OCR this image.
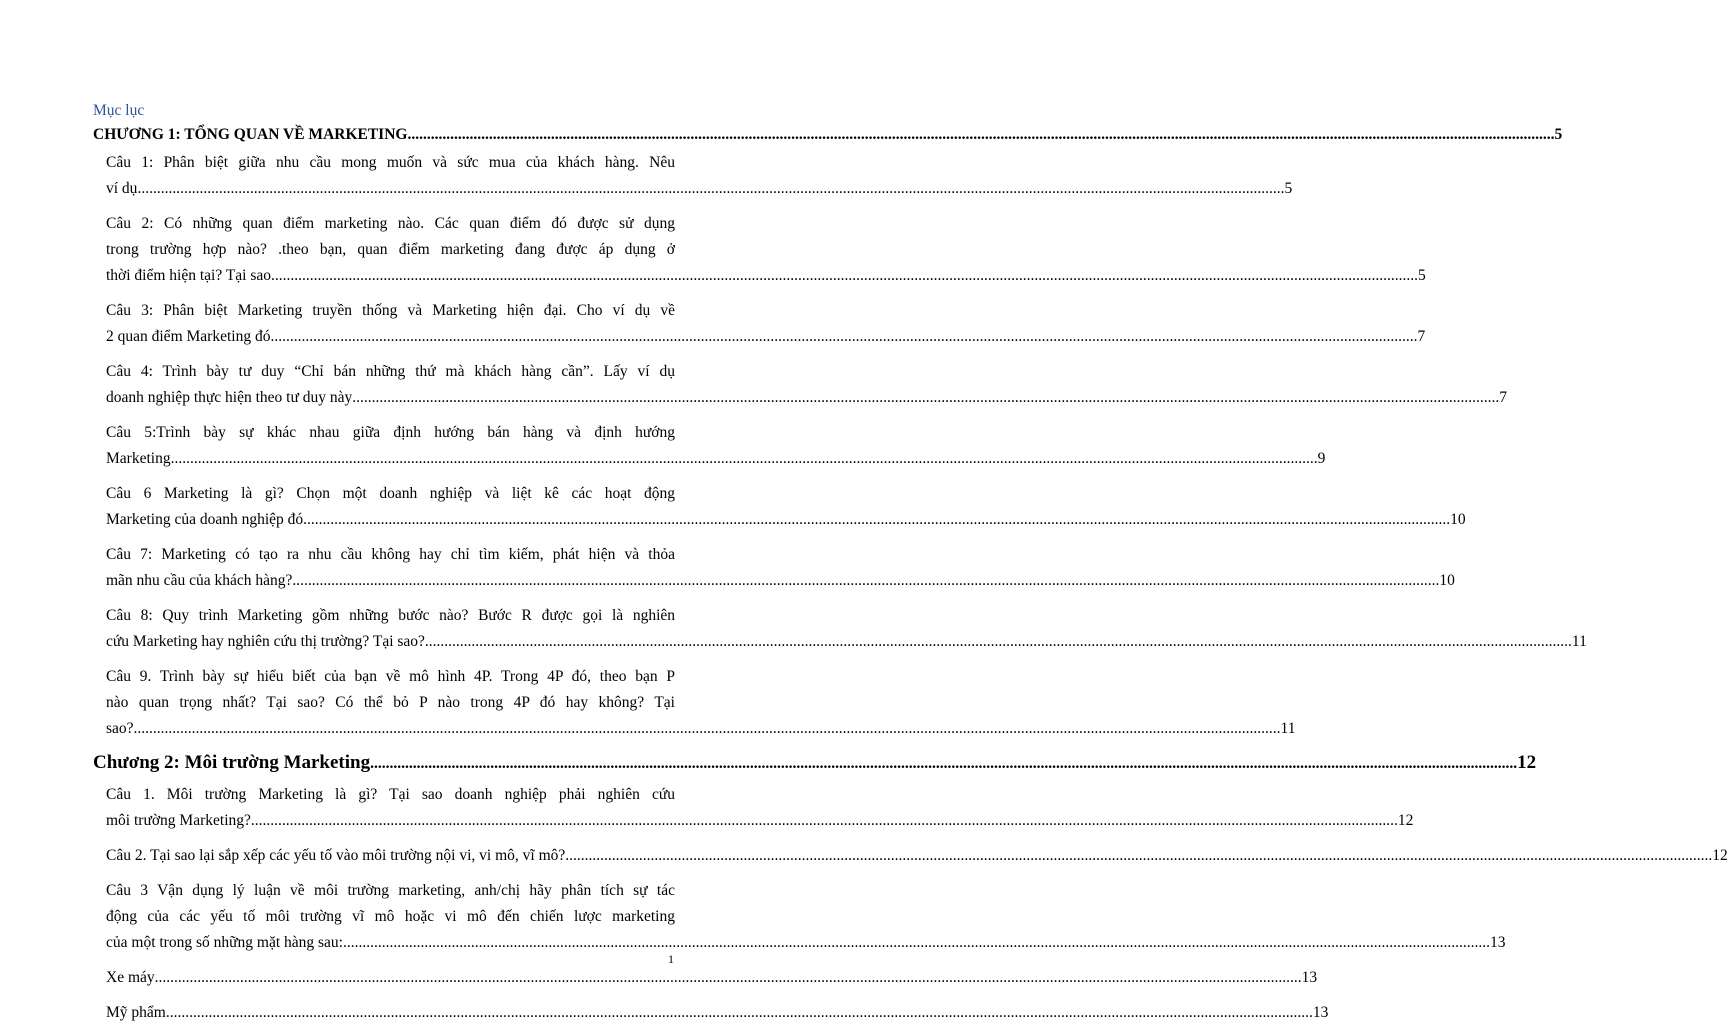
Mục lục
CHƯƠNG 1: TỔNG QUAN VỀ MARKETING .....	5
Câu 1: Phân biệt giữa nhu cầu mong muốn và sức mua của khách hàng. Nêu
ví dụ .....	5
Câu 2: Có những quan điểm marketing nào. Các quan điểm đó được sử dụng
trong trường hợp nào? .theo bạn, quan điểm marketing đang được áp dụng ở
thời điểm hiện tại? Tại sao .....	5
Câu 3: Phân biệt Marketing truyền thống và Marketing hiện đại. Cho ví dụ về
2 quan điểm Marketing đó .....	7
Câu 4: Trình bày tư duy “Chỉ bán những thứ mà khách hàng cần”. Lấy ví dụ
doanh nghiệp thực hiện theo tư duy này .....	7
Câu 5:Trình bày sự khác nhau giữa định hướng bán hàng và định hướng
Marketing .....	9
Câu 6 Marketing là gì? Chọn một doanh nghiệp và liệt kê các hoạt động
Marketing của doanh nghiệp đó .....	10
Câu 7: Marketing có tạo ra nhu cầu không hay chỉ tìm kiếm, phát hiện và thỏa
mãn nhu cầu của khách hàng? .....	10
Câu 8: Quy trình Marketing gồm những bước nào? Bước R được gọi là nghiên
cứu Marketing hay nghiên cứu thị trường? Tại sao? .....	11
Câu 9. Trình bày sự hiểu biết của bạn về mô hình 4P. Trong 4P đó, theo bạn P
nào quan trọng nhất? Tại sao? Có thể bỏ P nào trong 4P đó hay không? Tại
sao? .....	11
Chương 2: Môi trường Marketing .....	12
Câu 1. Môi trường Marketing là gì? Tại sao doanh nghiệp phải nghiên cứu
môi trường Marketing? .....	12
Câu 2. Tại sao lại sắp xếp các yếu tố vào môi trường nội vi, vi mô, vĩ mô? .....	12
Câu 3 Vận dụng lý luận về môi trường marketing, anh/chị hãy phân tích sự tác
động của các yếu tố môi trường vĩ mô hoặc vi mô đến chiến lược marketing
của một trong số những mặt hàng sau: .....	13
Xe máy .....	13
Mỹ phẩm .....	13
1
